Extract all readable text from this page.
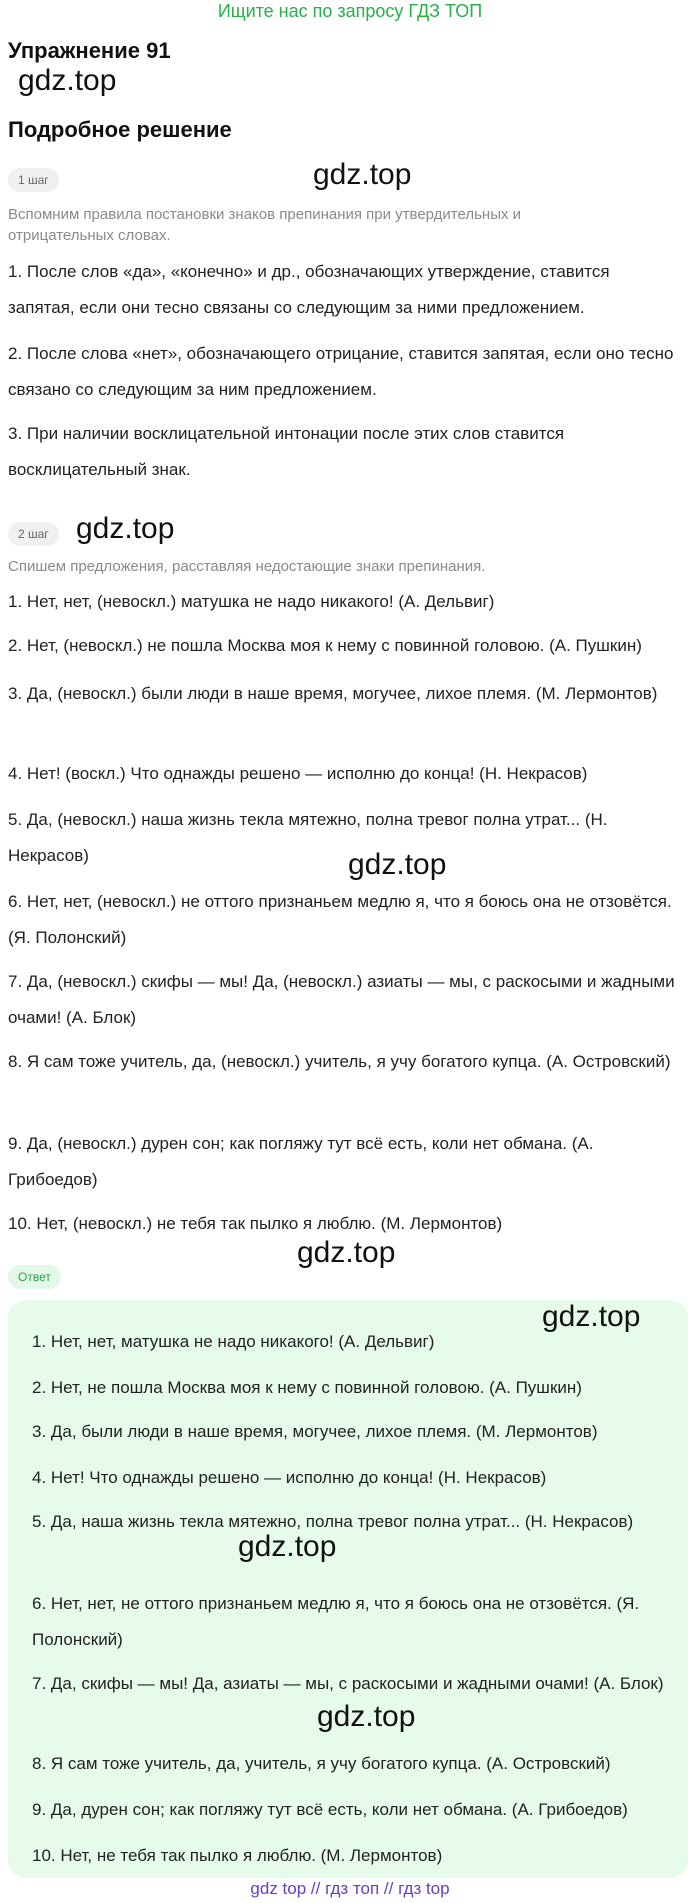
Ищите нас по запросу ГДЗ ТОП
Упражнение 91
gdz.top
Подробное решение
1 шаг	gdz.top
Вспомним правила постановки знаков препинания при утвердительных и отрицательных словах.
1. После слов «да», «конечно» и др., обозначающих утверждение, ставится запятая, если они тесно связаны со следующим за ними предложением.
2. После слова «нет», обозначающего отрицание, ставится запятая, если оно тесно связано со следующим за ним предложением.
3. При наличии восклицательной интонации после этих слов ставится восклицательный знак.
2 шаг gdz.top
Спишем предложения, расставляя недостающие знаки препинания.
1. Нет, нет, (невоскл.) матушка не надо никакого! (А. Дельвиг)
2. Нет, (невоскл.) не пошла Москва моя к нему с повинной головою. (А. Пушкин)
3. Да, (невоскл.) были люди в наше время, могучее, лихое племя. (М. Лермонтов)
4. Нет! (воскл.) Что однажды решено — исполню до конца! (Н. Некрасов)
5. Да, (невоскл.) наша жизнь текла мятежно, полна тревог полна утрат... (Н. Некрасов)	gdz.top
6. Нет, нет, (невоскл.) не оттого признаньем медлю я, что я боюсь она не отзовётся. (Я. Полонский)
7. Да, (невоскл.) скифы — мы! Да, (невоскл.) азиаты — мы, с раскосыми и жадными очами! (А. Блок)
8. Я сам тоже учитель, да, (невоскл.) учитель, я учу богатого купца. (А. Островский)
9. Да, (невоскл.) дурен сон; как погляжу тут всё есть, коли нет обмана. (А. Грибоедов)
10. Нет, (невоскл.) не тебя так пылко я люблю. (М. Лермонтов)
gdz.top
Ответ
gdz.top
1. Нет, нет, матушка не надо никакого! (А. Дельвиг)
2. Нет, не пошла Москва моя к нему с повинной головою. (А. Пушкин)
3. Да, были люди в наше время, могучее, лихое племя. (М. Лермонтов)
4. Нет! Что однажды решено — исполню до конца! (Н. Некрасов)
5. Да, наша жизнь текла мятежно, полна тревог полна утрат... (Н. Некрасов)
gdz.top
6. Нет, нет, не оттого признаньем медлю я, что я боюсь она не отзовётся. (Я. Полонский)
7. Да, скифы — мы! Да, азиаты — мы, с раскосыми и жадными очами! (А. Блок)
gdz.top
8. Я сам тоже учитель, да, учитель, я учу богатого купца. (А. Островский)
9. Да, дурен сон; как погляжу тут всё есть, коли нет обмана. (А. Грибоедов)
10. Нет, не тебя так пылко я люблю. (М. Лермонтов)
gdz top // гдз топ // гдз top
